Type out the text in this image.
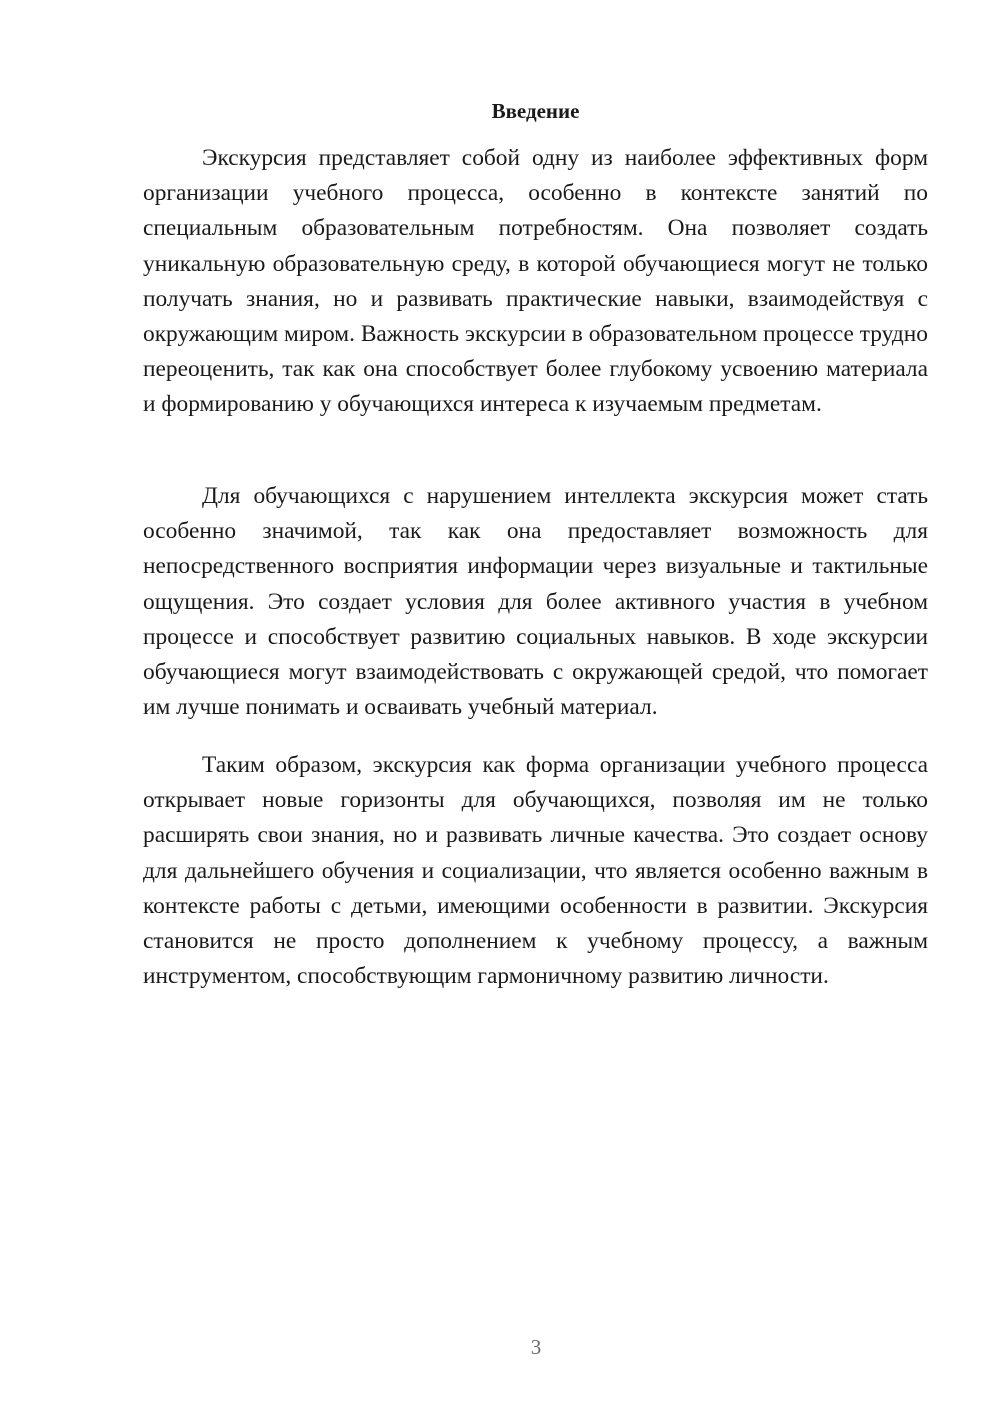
Введение

Экскурсия представляет собой одну из наиболее эффективных форм организации учебного процесса, особенно в контексте занятий по специальным образовательным потребностям. Она позволяет создать уникальную образовательную среду, в которой обучающиеся могут не только получать знания, но и развивать практические навыки, взаимодействуя с окружающим миром. Важность экскурсии в образовательном процессе трудно переоценить, так как она способствует более глубокому усвоению материала и формированию у обучающихся интереса к изучаемым предметам.

Для обучающихся с нарушением интеллекта экскурсия может стать особенно значимой, так как она предоставляет возможность для непосредственного восприятия информации через визуальные и тактильные ощущения. Это создает условия для более активного участия в учебном процессе и способствует развитию социальных навыков. В ходе экскурсии обучающиеся могут взаимодействовать с окружающей средой, что помогает им лучше понимать и осваивать учебный материал.

Таким образом, экскурсия как форма организации учебного процесса открывает новые горизонты для обучающихся, позволяя им не только расширять свои знания, но и развивать личные качества. Это создает основу для дальнейшего обучения и социализации, что является особенно важным в контексте работы с детьми, имеющими особенности в развитии. Экскурсия становится не просто дополнением к учебному процессу, а важным инструментом, способствующим гармоничному развитию личности.

3
